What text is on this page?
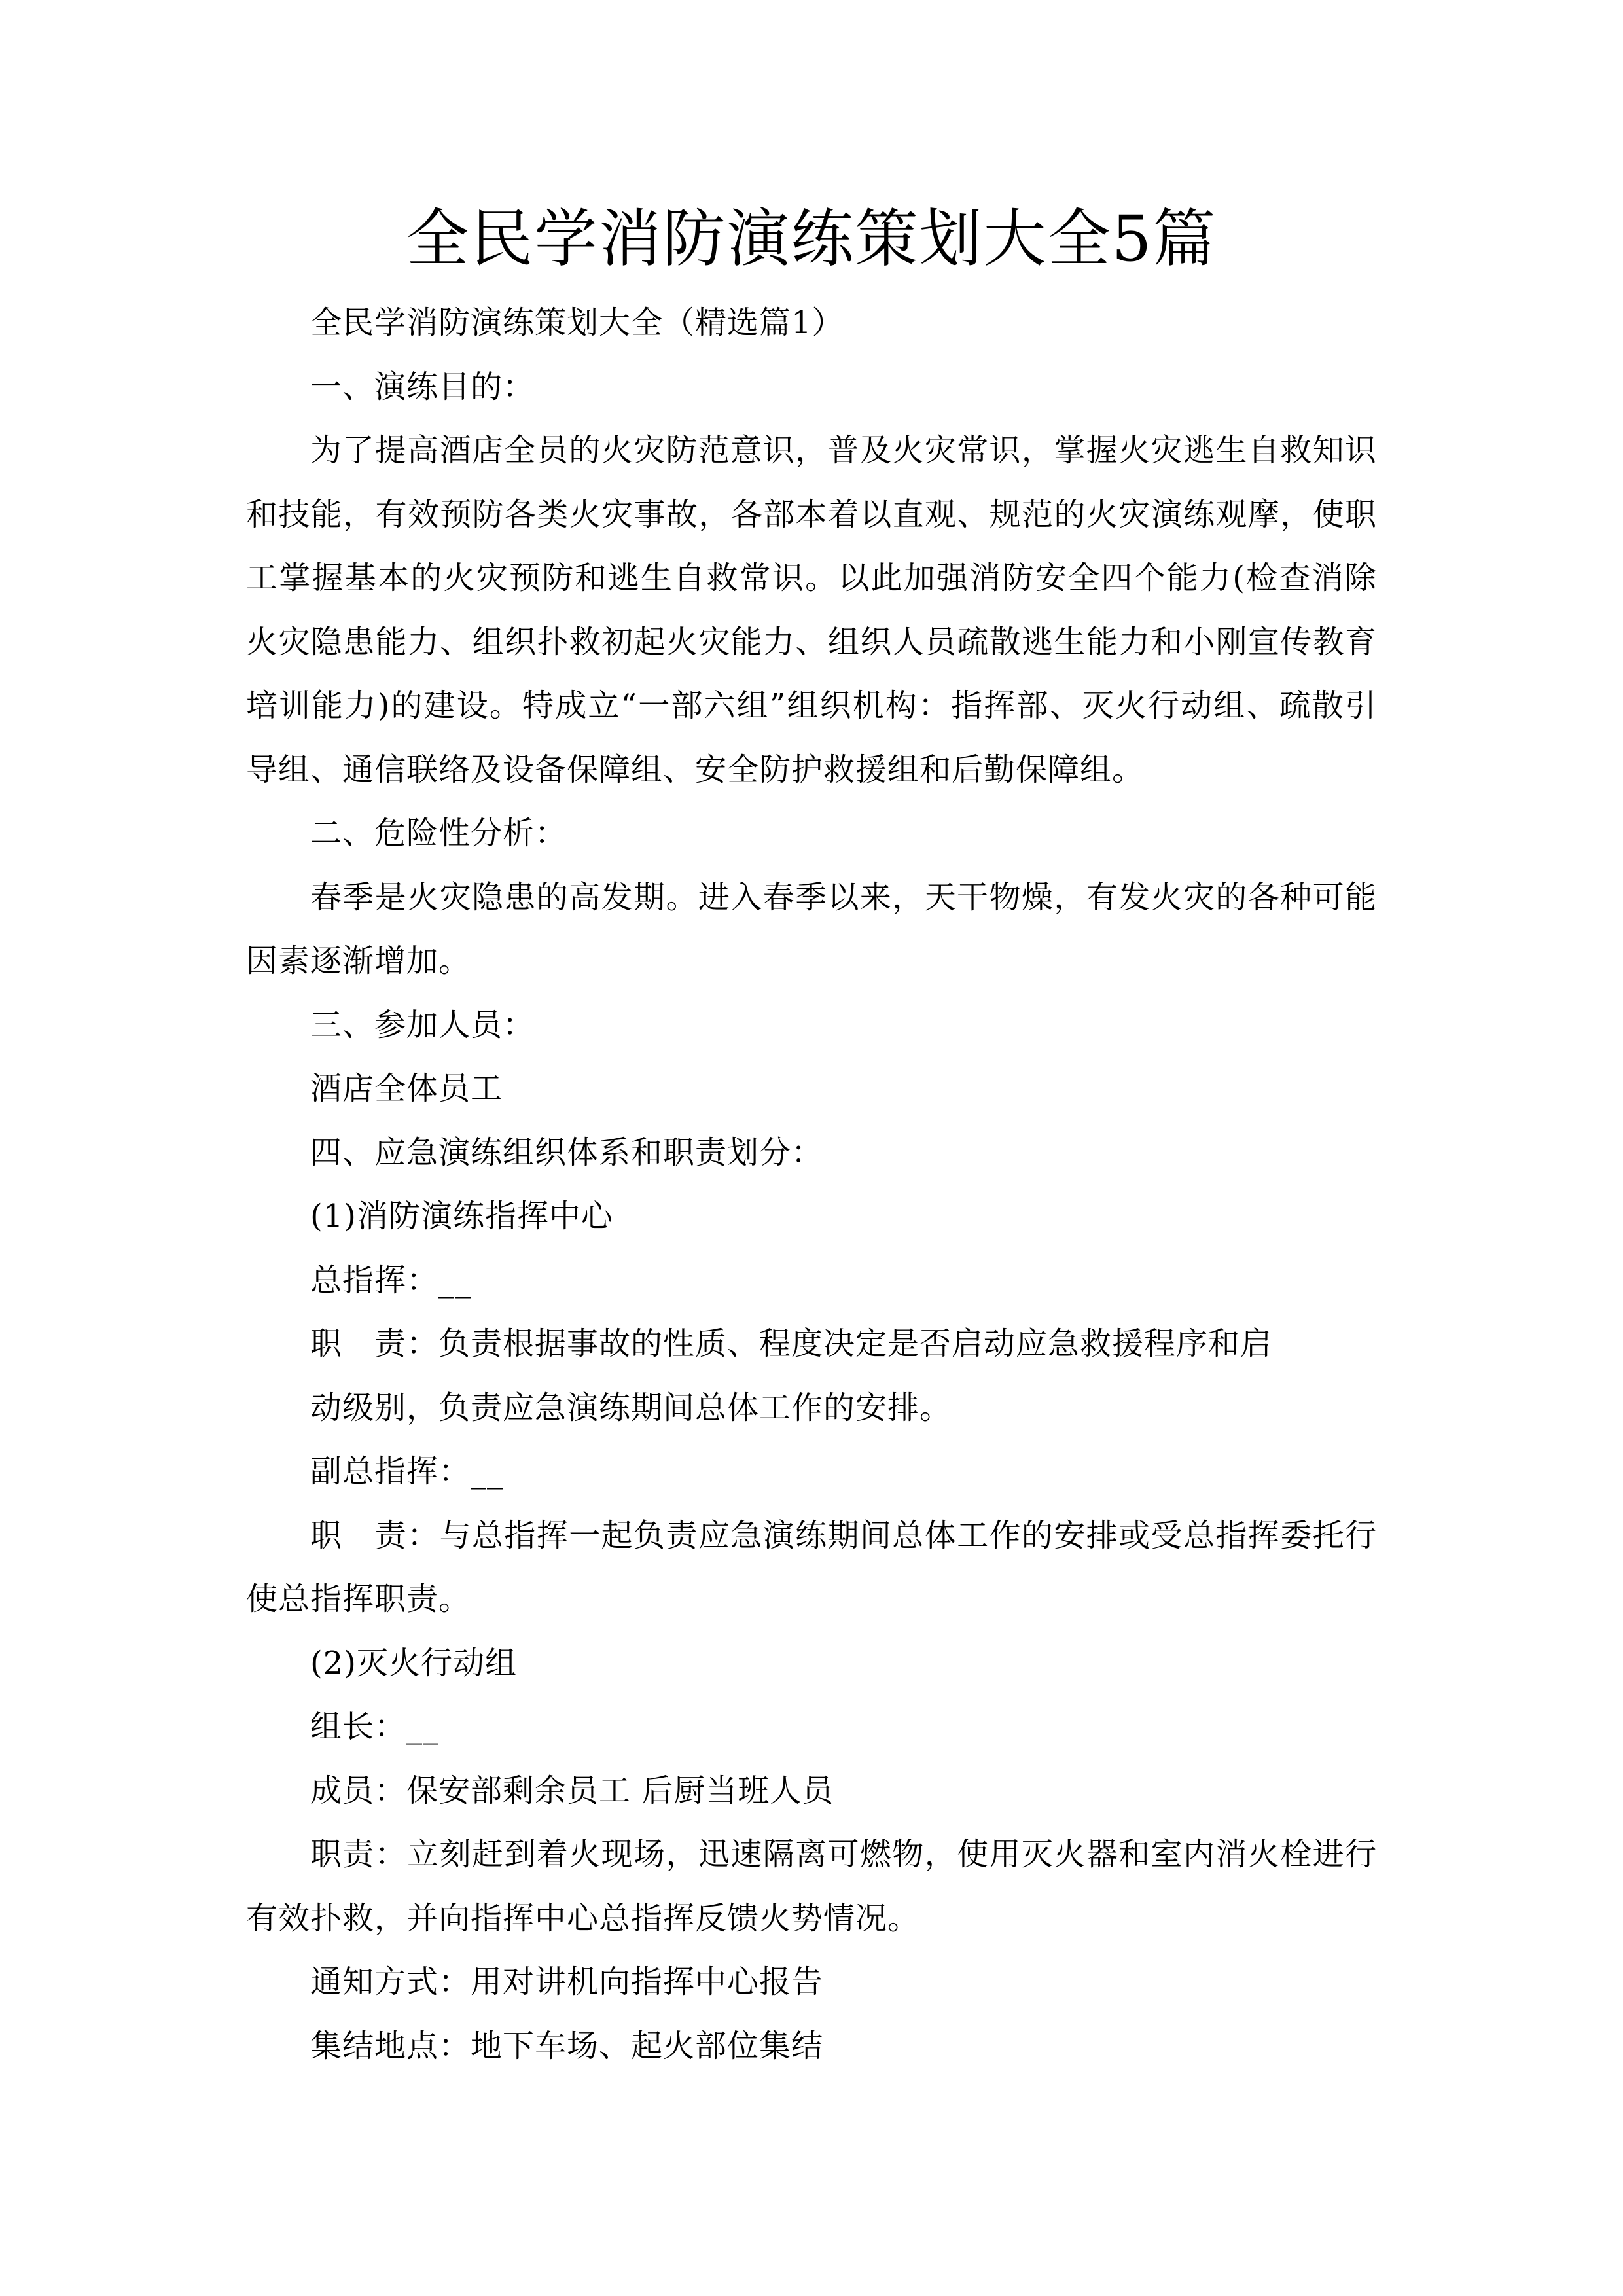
全民学消防演练策划大全5篇

全民学消防演练策划大全（精选篇1）

一、演练目的：

为了提高酒店全员的火灾防范意识，普及火灾常识，掌握火灾逃生自救知识和技能，有效预防各类火灾事故，各部本着以直观、规范的火灾演练观摩，使职工掌握基本的火灾预防和逃生自救常识。以此加强消防安全四个能力(检查消除火灾隐患能力、组织扑救初起火灾能力、组织人员疏散逃生能力和小刚宣传教育培训能力)的建设。特成立“一部六组”组织机构：指挥部、灭火行动组、疏散引导组、通信联络及设备保障组、安全防护救援组和后勤保障组。

二、危险性分析：

春季是火灾隐患的高发期。进入春季以来，天干物燥，有发火灾的各种可能因素逐渐增加。

三、参加人员：

酒店全体员工

四、应急演练组织体系和职责划分：

(1)消防演练指挥中心

总指挥：__

职　责：负责根据事故的性质、程度决定是否启动应急救援程序和启

动级别，负责应急演练期间总体工作的安排。

副总指挥：__

职　责：与总指挥一起负责应急演练期间总体工作的安排或受总指挥委托行使总指挥职责。

(2)灭火行动组

组长：__

成员：保安部剩余员工 后厨当班人员

职责：立刻赶到着火现场，迅速隔离可燃物，使用灭火器和室内消火栓进行有效扑救，并向指挥中心总指挥反馈火势情况。

通知方式：用对讲机向指挥中心报告

集结地点：地下车场、起火部位集结
